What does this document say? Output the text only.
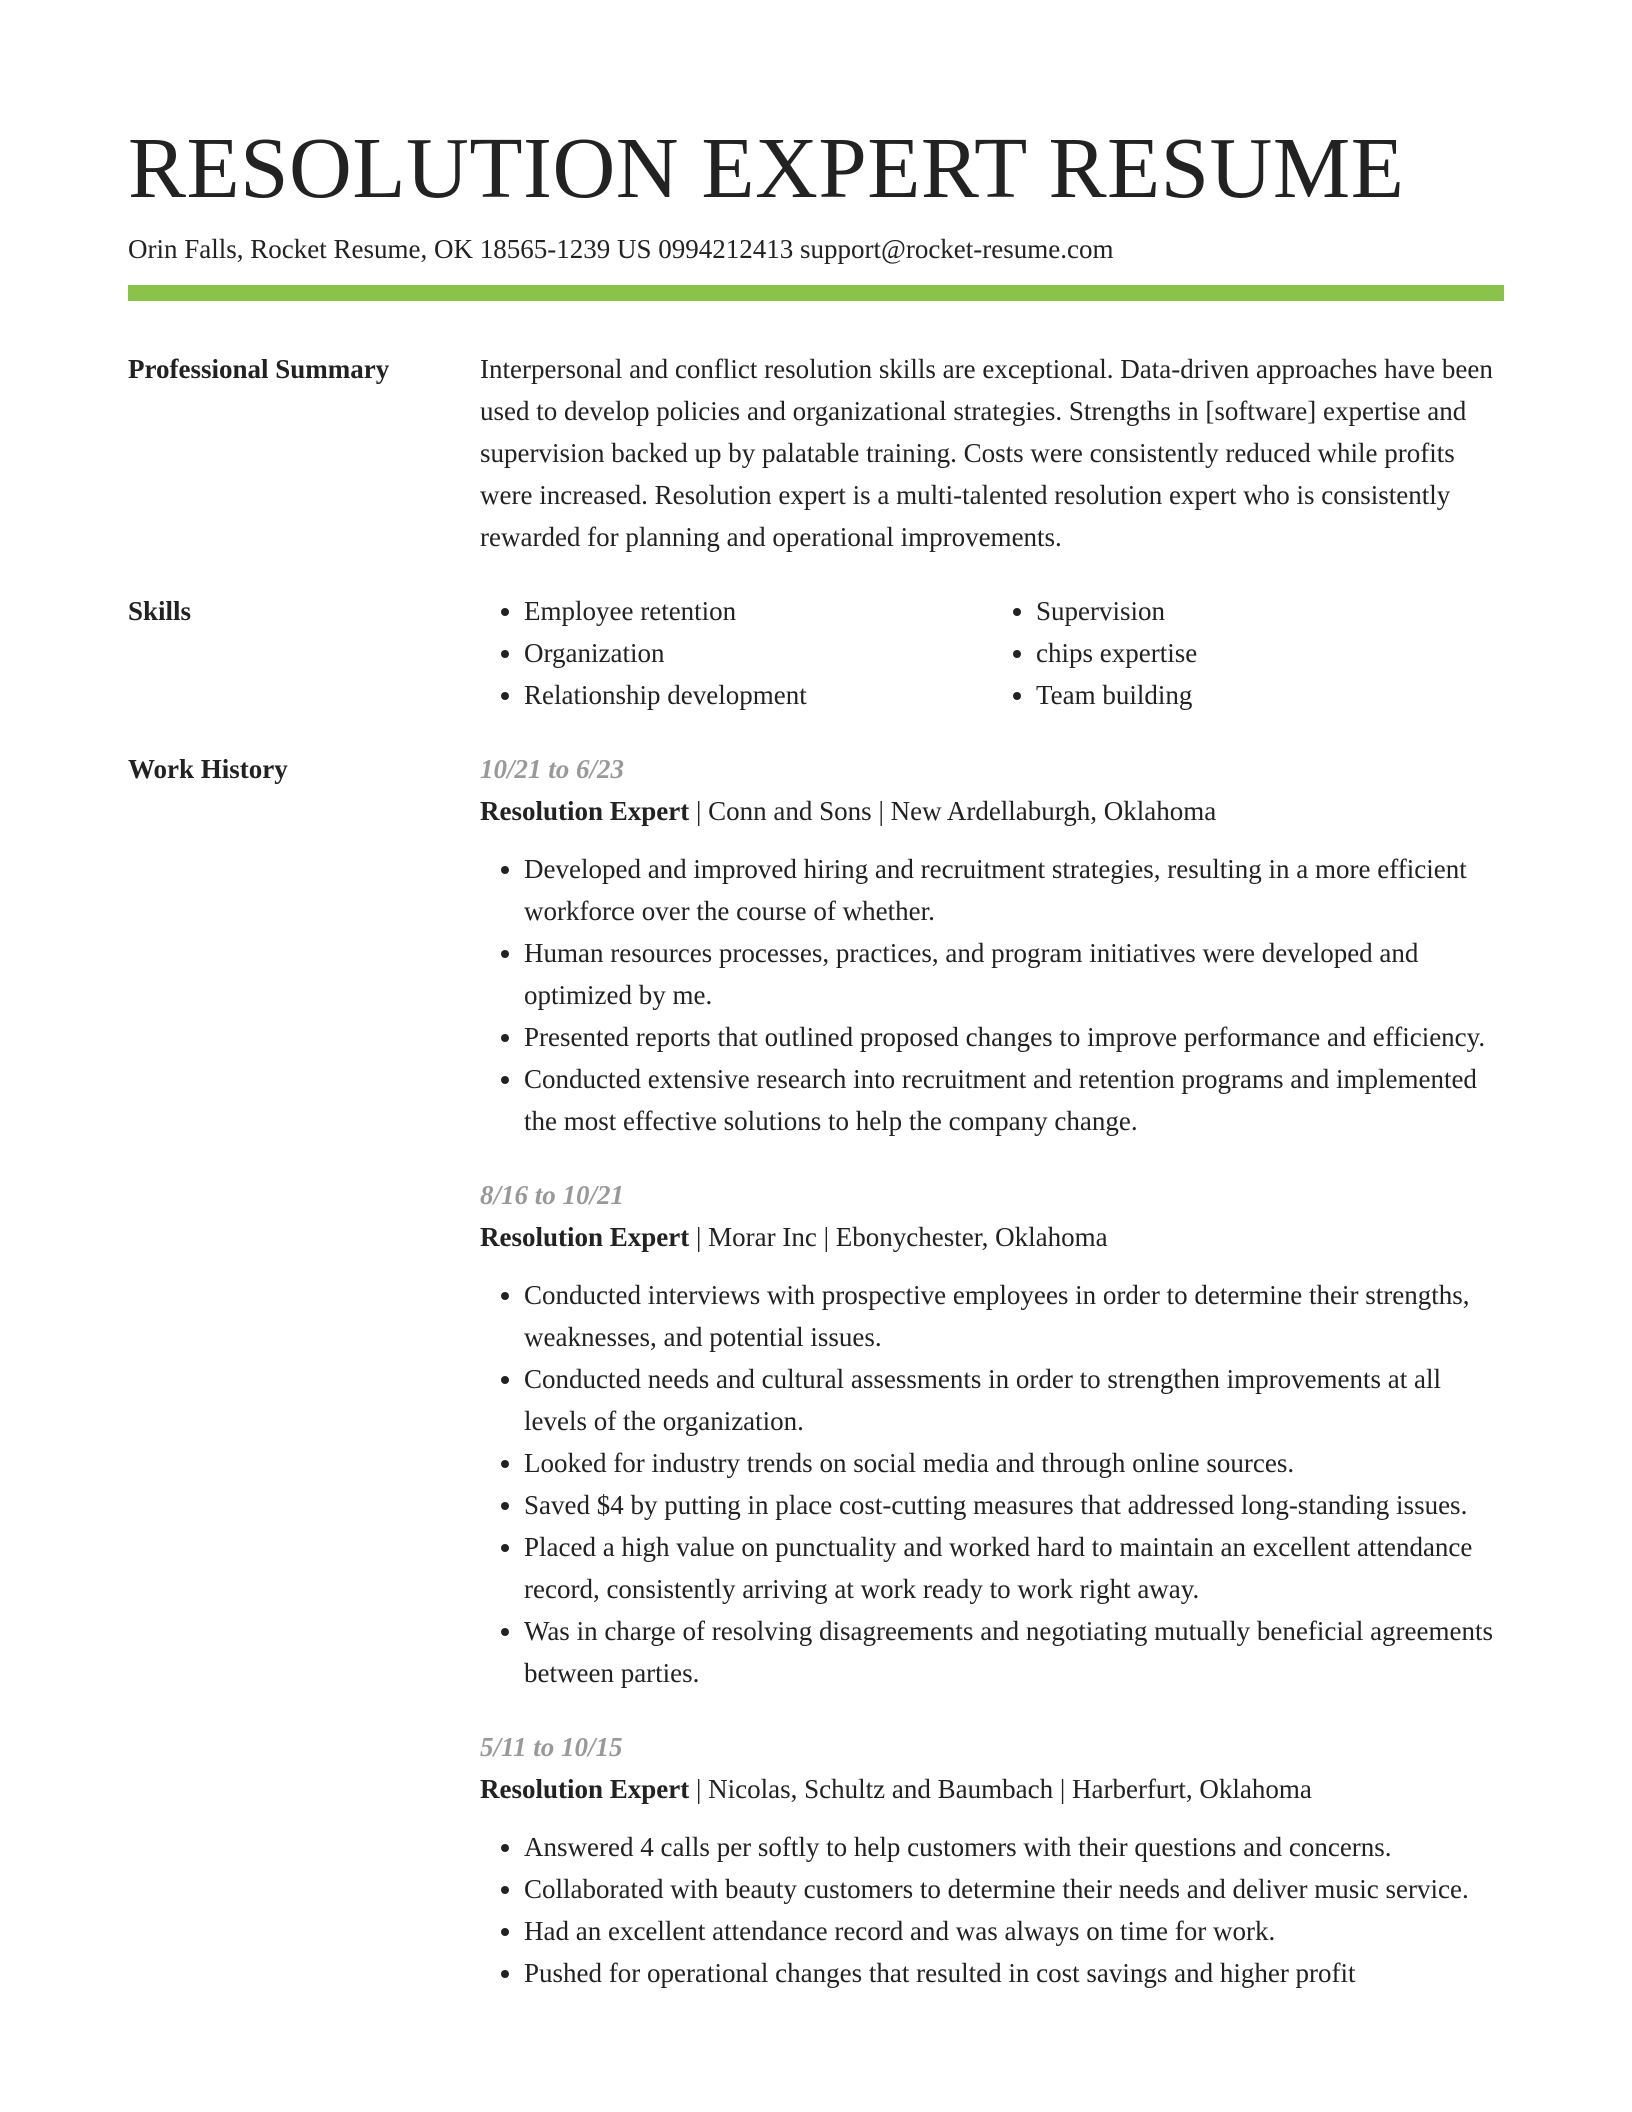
RESOLUTION EXPERT RESUME
Orin Falls, Rocket Resume, OK 18565-1239 US 0994212413 support@rocket-resume.com
Professional Summary	Interpersonal and conflict resolution skills are exceptional. Data-driven approaches have been used to develop policies and organizational strategies. Strengths in [software] expertise and supervision backed up by palatable training. Costs were consistently reduced while profits were increased. Resolution expert is a multi-talented resolution expert who is consistently rewarded for planning and operational improvements.

Skills
•	Employee retention
• Organization
• Relationship development
• Supervision
• chips expertise
• Team building
Work History	10/21 to 6/23
Resolution Expert | Conn and Sons | New Ardellaburgh, Oklahoma
• Developed and improved hiring and recruitment strategies, resulting in a more efficient workforce over the course of whether.
• Human resources processes, practices, and program initiatives were developed and optimized by me.
• Presented reports that outlined proposed changes to improve performance and efficiency.
• Conducted extensive research into recruitment and retention programs and implemented the most effective solutions to help the company change.
8/16 to 10/21
Resolution Expert | Morar Inc | Ebonychester, Oklahoma
• Conducted interviews with prospective employees in order to determine their strengths, weaknesses, and potential issues.
• Conducted needs and cultural assessments in order to strengthen improvements at all levels of the organization.
• Looked for industry trends on social media and through online sources.
• Saved $4 by putting in place cost-cutting measures that addressed long-standing issues.
• Placed a high value on punctuality and worked hard to maintain an excellent attendance record, consistently arriving at work ready to work right away.
• Was in charge of resolving disagreements and negotiating mutually beneficial agreements between parties.
5/11 to 10/15
Resolution Expert | Nicolas, Schultz and Baumbach | Harberfurt, Oklahoma
• Answered 4 calls per softly to help customers with their questions and concerns.
• Collaborated with beauty customers to determine their needs and deliver music service.
• Had an excellent attendance record and was always on time for work.
• Pushed for operational changes that resulted in cost savings and higher profit
